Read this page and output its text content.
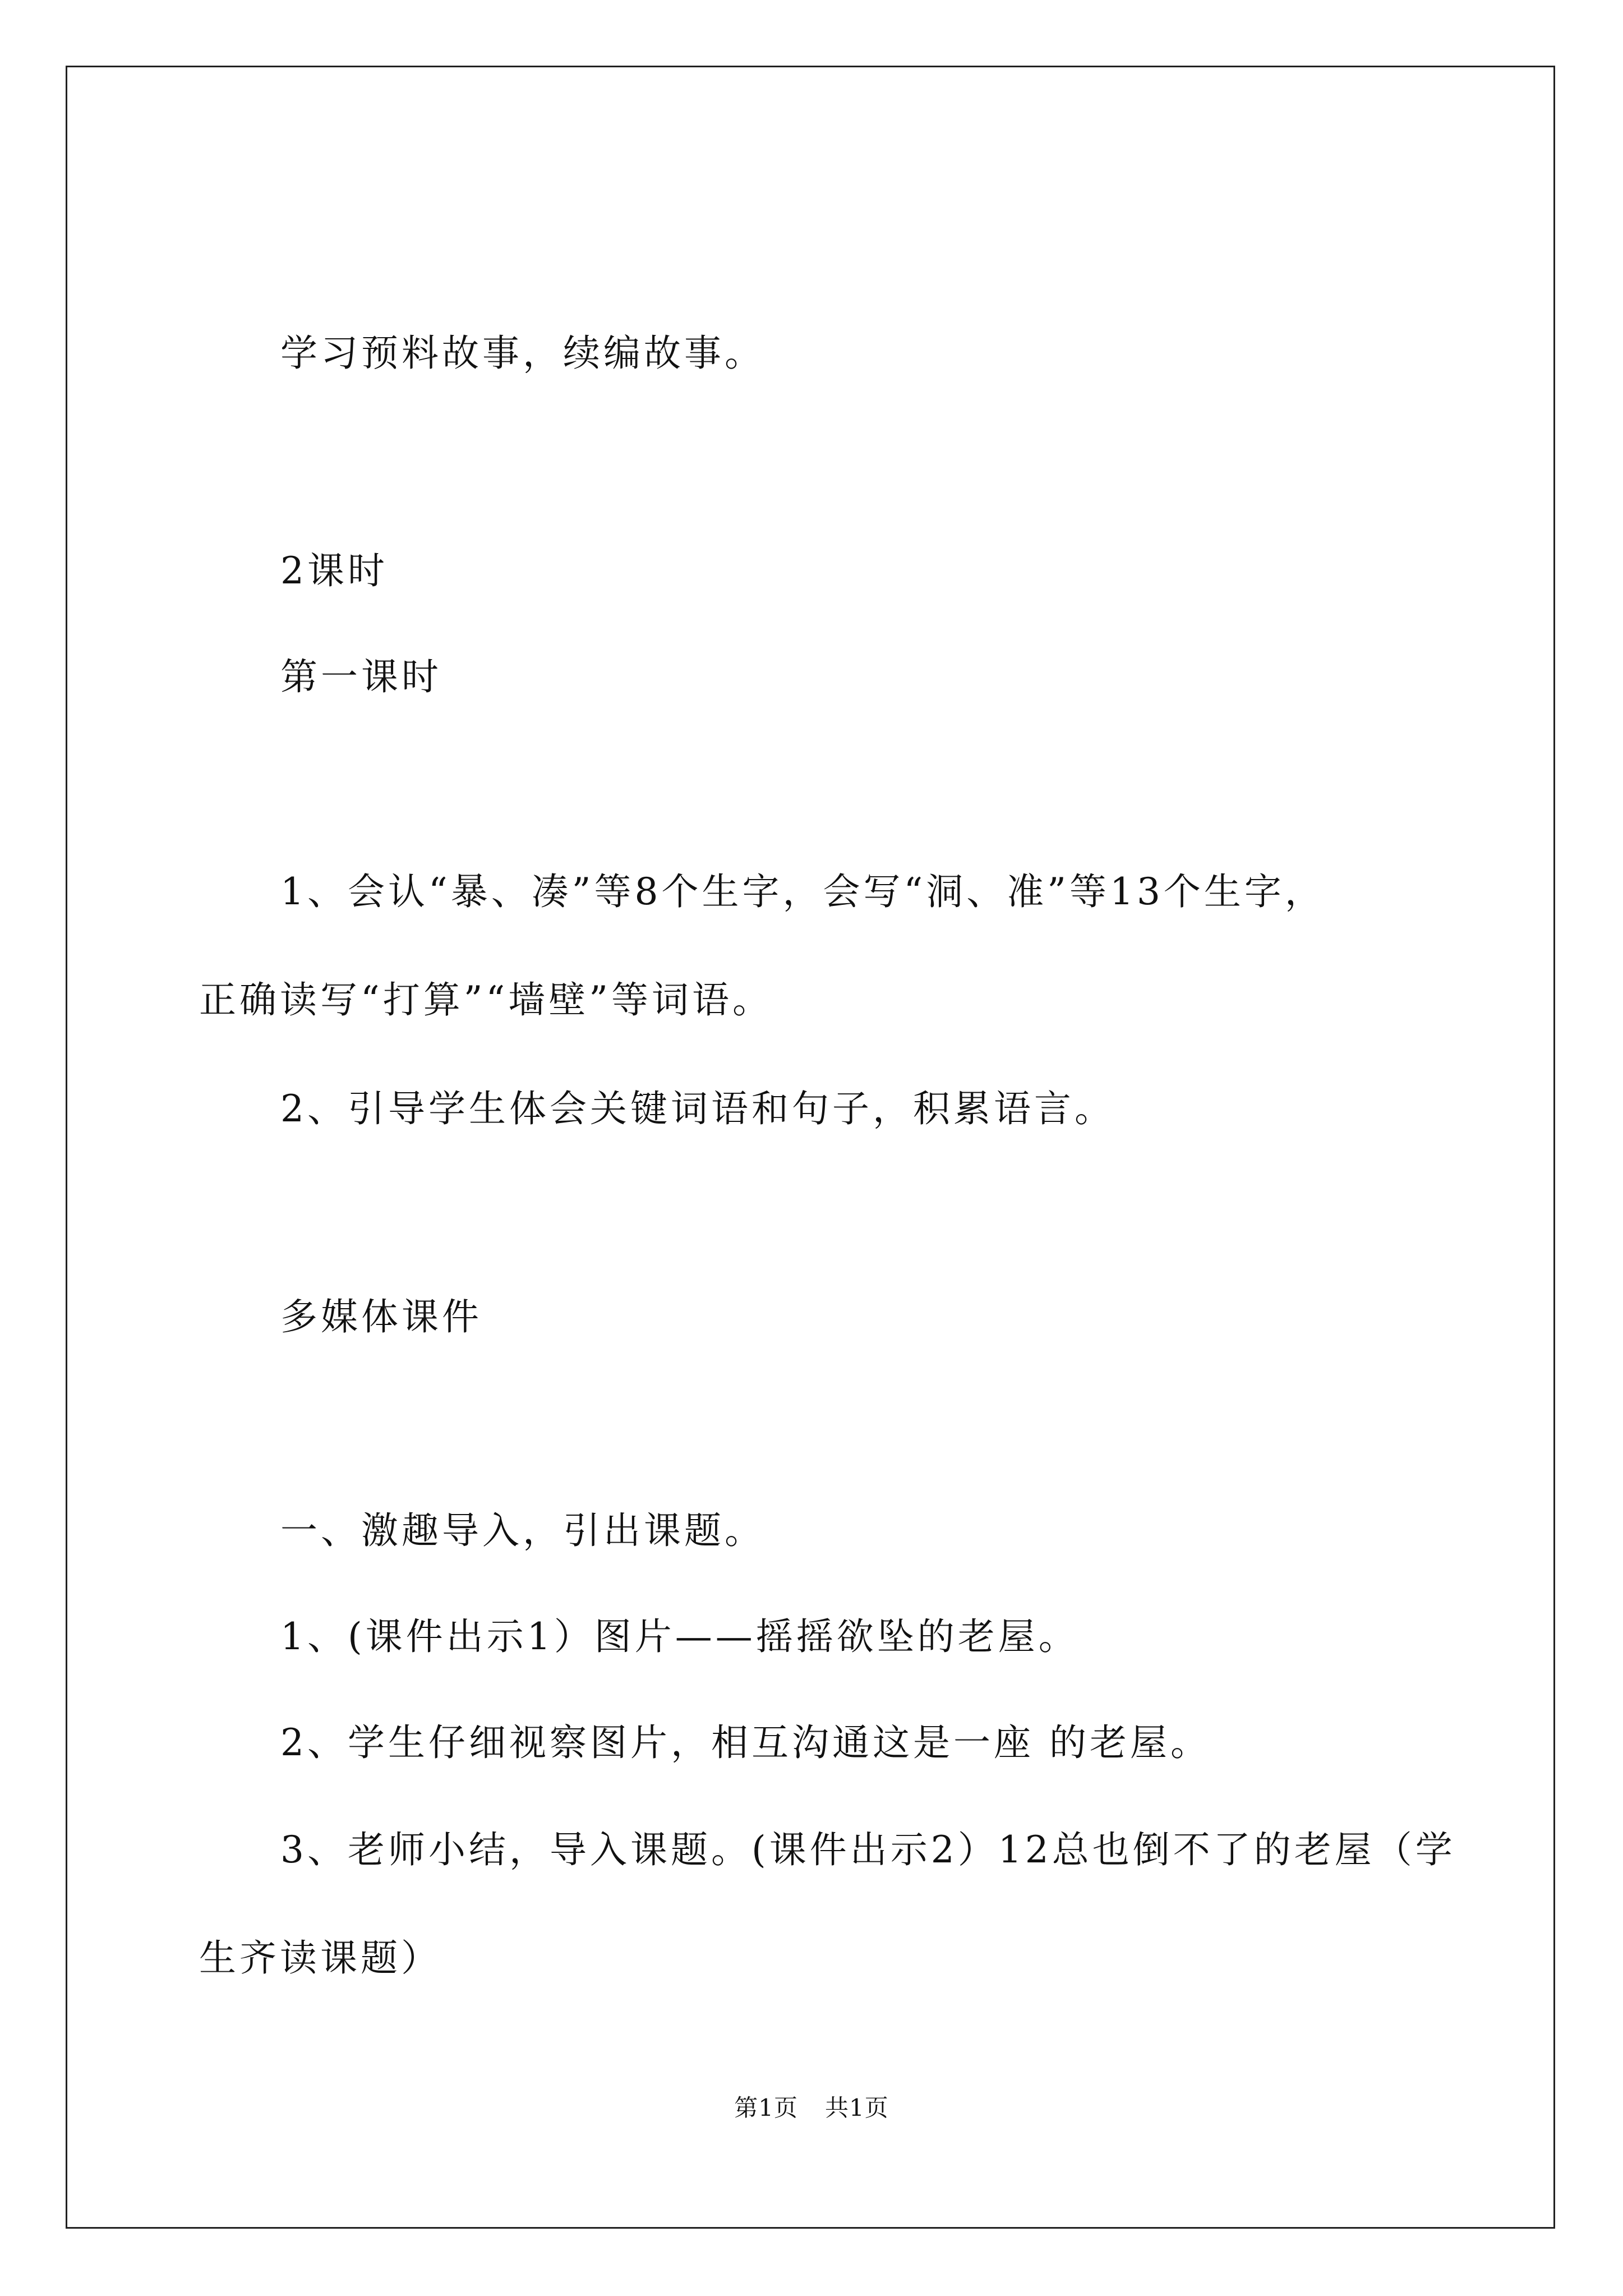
学习预料故事，续编故事。

2课时

第一课时

1、会认“暴、凑”等8个生字，会写“洞、准”等13个生字，

正确读写“打算”“墙壁”等词语。

2、引导学生体会关键词语和句子，积累语言。

多媒体课件

一、激趣导入，引出课题。

1、(课件出示1）图片——摇摇欲坠的老屋。

2、学生仔细视察图片，相互沟通这是一座 的老屋。

3、老师小结，导入课题。(课件出示2）12总也倒不了的老屋（学

生齐读课题）

第1页 共1页
